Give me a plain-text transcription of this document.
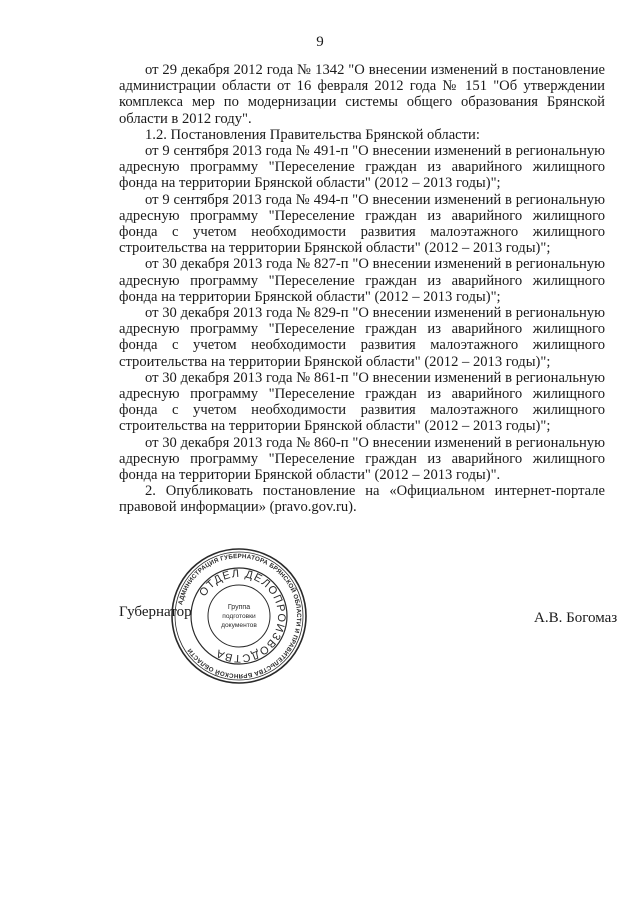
9

от 29 декабря 2012 года № 1342 "О внесении изменений в постановление администрации области от 16 февраля 2012 года № 151 "Об утверждении комплекса мер по модернизации системы общего образования Брянской области в 2012 году".

1.2. Постановления Правительства Брянской области:

от 9 сентября 2013 года № 491-п "О внесении изменений в региональную адресную программу "Переселение граждан из аварийного жилищного фонда на территории Брянской области" (2012 – 2013 годы)";

от 9 сентября 2013 года № 494-п "О внесении изменений в региональную адресную программу "Переселение граждан из аварийного жилищного фонда с учетом необходимости развития малоэтажного жилищного строительства на территории Брянской области" (2012 – 2013 годы)";

от 30 декабря 2013 года № 827-п "О внесении изменений в региональную адресную программу "Переселение граждан из аварийного жилищного фонда на территории Брянской области" (2012 – 2013 годы)";

от 30 декабря 2013 года № 829-п "О внесении изменений в региональную адресную программу "Переселение граждан из аварийного жилищного фонда с учетом необходимости развития малоэтажного жилищного строительства на территории Брянской области" (2012 – 2013 годы)";

от 30 декабря 2013 года № 861-п "О внесении изменений в региональную адресную программу "Переселение граждан из аварийного жилищного фонда с учетом необходимости развития малоэтажного жилищного строительства на территории Брянской области" (2012 – 2013 годы)";

от 30 декабря 2013 года № 860-п "О внесении изменений в региональную адресную программу "Переселение граждан из аварийного жилищного фонда на территории Брянской области" (2012 – 2013 годы)".

2. Опубликовать постановление на «Официальном интернет-портале правовой информации» (pravo.gov.ru).

Губернатор	А.В. Богомаз
АДМИНИСТРАЦИЯ ГУБЕРНАТОРА БРЯНСКОЙ ОБЛАСТИ И ПРАВИТЕЛЬСТВА БРЯНСКОЙ ОБЛАСТИ
ОТДЕЛ ДЕЛОПРОИЗВОДСТВА
Группа
подготовки
документов
